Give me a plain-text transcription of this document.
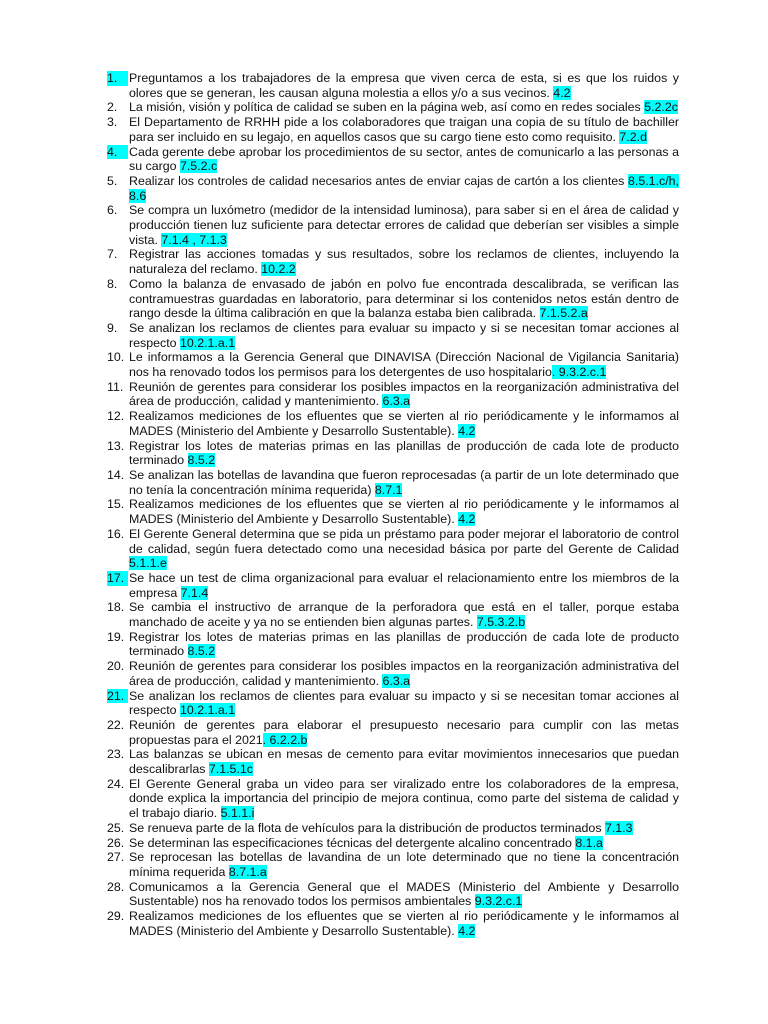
1. Preguntamos a los trabajadores de la empresa que viven cerca de esta, si es que los ruidos y olores que se generan, les causan alguna molestia a ellos y/o a sus vecinos. 4.2
2. La misión, visión y política de calidad se suben en la página web, así como en redes sociales 5.2.2c
3. El Departamento de RRHH pide a los colaboradores que traigan una copia de su título de bachiller para ser incluido en su legajo, en aquellos casos que su cargo tiene esto como requisito. 7.2.d
4. Cada gerente debe aprobar los procedimientos de su sector, antes de comunicarlo a las personas a su cargo 7.5.2.c
5. Realizar los controles de calidad necesarios antes de enviar cajas de cartón a los clientes 8.5.1.c/h, 8.6
6. Se compra un luxómetro (medidor de la intensidad luminosa), para saber si en el área de calidad y producción tienen luz suficiente para detectar errores de calidad que deberían ser visibles a simple vista. 7.1.4 , 7.1.3
7. Registrar las acciones tomadas y sus resultados, sobre los reclamos de clientes, incluyendo la naturaleza del reclamo. 10.2.2
8. Como la balanza de envasado de jabón en polvo fue encontrada descalibrada, se verifican las contramuestras guardadas en laboratorio, para determinar si los contenidos netos están dentro de rango desde la última calibración en que la balanza estaba bien calibrada. 7.1.5.2.a
9. Se analizan los reclamos de clientes para evaluar su impacto y si se necesitan tomar acciones al respecto 10.2.1.a.1
10. Le informamos a la Gerencia General que DINAVISA (Dirección Nacional de Vigilancia Sanitaria) nos ha renovado todos los permisos para los detergentes de uso hospitalario. 9.3.2.c.1
11. Reunión de gerentes para considerar los posibles impactos en la reorganización administrativa del área de producción, calidad y mantenimiento. 6.3.a
12. Realizamos mediciones de los efluentes que se vierten al rio periódicamente y le informamos al MADES (Ministerio del Ambiente y Desarrollo Sustentable). 4.2
13. Registrar los lotes de materias primas en las planillas de producción de cada lote de producto terminado 8.5.2
14. Se analizan las botellas de lavandina que fueron reprocesadas (a partir de un lote determinado que no tenía la concentración mínima requerida) 8.7.1
15. Realizamos mediciones de los efluentes que se vierten al rio periódicamente y le informamos al MADES (Ministerio del Ambiente y Desarrollo Sustentable). 4.2
16. El Gerente General determina que se pida un préstamo para poder mejorar el laboratorio de control de calidad, según fuera detectado como una necesidad básica por parte del Gerente de Calidad 5.1.1.e
17. Se hace un test de clima organizacional para evaluar el relacionamiento entre los miembros de la empresa 7.1.4
18. Se cambia el instructivo de arranque de la perforadora que está en el taller, porque estaba manchado de aceite y ya no se entienden bien algunas partes. 7.5.3.2.b
19. Registrar los lotes de materias primas en las planillas de producción de cada lote de producto terminado 8.5.2
20. Reunión de gerentes para considerar los posibles impactos en la reorganización administrativa del área de producción, calidad y mantenimiento. 6.3.a
21. Se analizan los reclamos de clientes para evaluar su impacto y si se necesitan tomar acciones al respecto 10.2.1.a.1
22. Reunión de gerentes para elaborar el presupuesto necesario para cumplir con las metas propuestas para el 2021. 6.2.2.b
23. Las balanzas se ubican en mesas de cemento para evitar movimientos innecesarios que puedan descalibrarlas 7.1.5.1c
24. El Gerente General graba un video para ser viralizado entre los colaboradores de la empresa, donde explica la importancia del principio de mejora continua, como parte del sistema de calidad y el trabajo diario. 5.1.1.i
25. Se renueva parte de la flota de vehículos para la distribución de productos terminados 7.1.3
26. Se determinan las especificaciones técnicas del detergente alcalino concentrado 8.1.a
27. Se reprocesan las botellas de lavandina de un lote determinado que no tiene la concentración mínima requerida 8.7.1.a
28. Comunicamos a la Gerencia General que el MADES (Ministerio del Ambiente y Desarrollo Sustentable) nos ha renovado todos los permisos ambientales 9.3.2.c.1
29. Realizamos mediciones de los efluentes que se vierten al rio periódicamente y le informamos al MADES (Ministerio del Ambiente y Desarrollo Sustentable). 4.2
